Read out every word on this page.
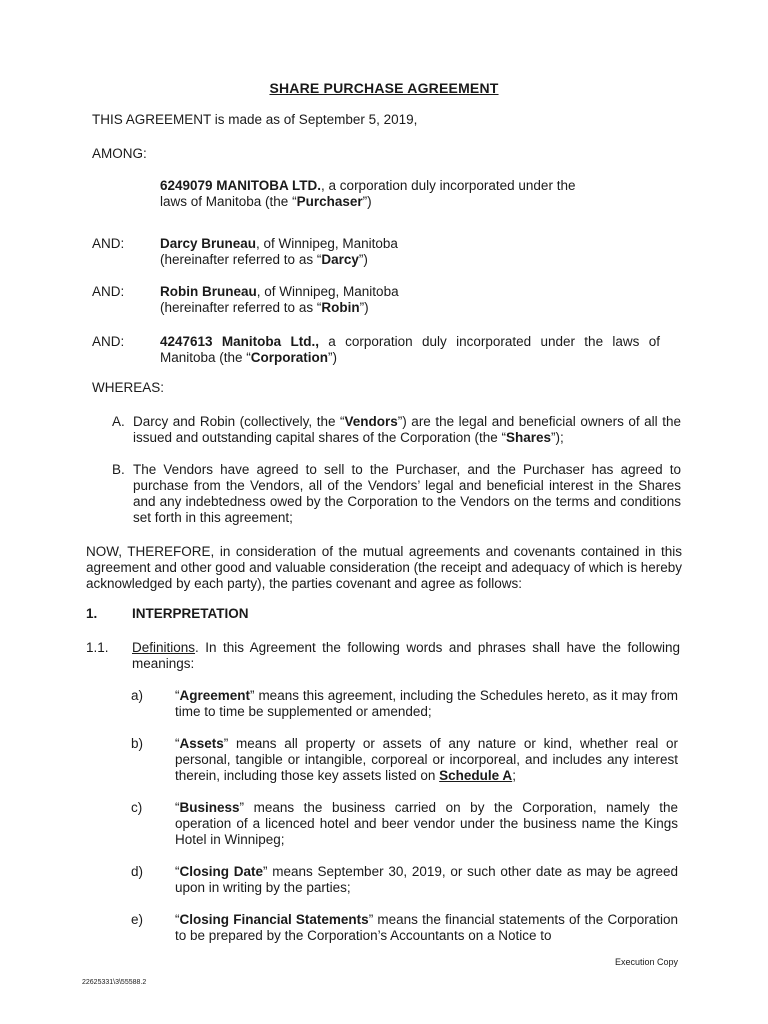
SHARE PURCHASE AGREEMENT
THIS AGREEMENT is made as of September 5, 2019,
AMONG:
6249079 MANITOBA LTD., a corporation duly incorporated under the laws of Manitoba (the “Purchaser”)
AND:	Darcy Bruneau, of Winnipeg, Manitoba
(hereinafter referred to as “Darcy”)
AND:	Robin Bruneau, of Winnipeg, Manitoba
(hereinafter referred to as “Robin”)
AND:	4247613 Manitoba Ltd., a corporation duly incorporated under the laws of Manitoba (the “Corporation”)
WHEREAS:
A. Darcy and Robin (collectively, the “Vendors”) are the legal and beneficial owners of all the issued and outstanding capital shares of the Corporation (the “Shares”);
B. The Vendors have agreed to sell to the Purchaser, and the Purchaser has agreed to purchase from the Vendors, all of the Vendors’ legal and beneficial interest in the Shares and any indebtedness owed by the Corporation to the Vendors on the terms and conditions set forth in this agreement;
NOW, THEREFORE, in consideration of the mutual agreements and covenants contained in this agreement and other good and valuable consideration (the receipt and adequacy of which is hereby acknowledged by each party), the parties covenant and agree as follows:
1.	INTERPRETATION
1.1. Definitions. In this Agreement the following words and phrases shall have the following meanings:
a) “Agreement” means this agreement, including the Schedules hereto, as it may from time to time be supplemented or amended;
b) “Assets” means all property or assets of any nature or kind, whether real or personal, tangible or intangible, corporeal or incorporeal, and includes any interest therein, including those key assets listed on Schedule A;
c) “Business” means the business carried on by the Corporation, namely the operation of a licenced hotel and beer vendor under the business name the Kings Hotel in Winnipeg;
d) “Closing Date” means September 30, 2019, or such other date as may be agreed upon in writing by the parties;
e) “Closing Financial Statements” means the financial statements of the Corporation to be prepared by the Corporation’s Accountants on a Notice to
Execution Copy
22625331\3\55588.2
